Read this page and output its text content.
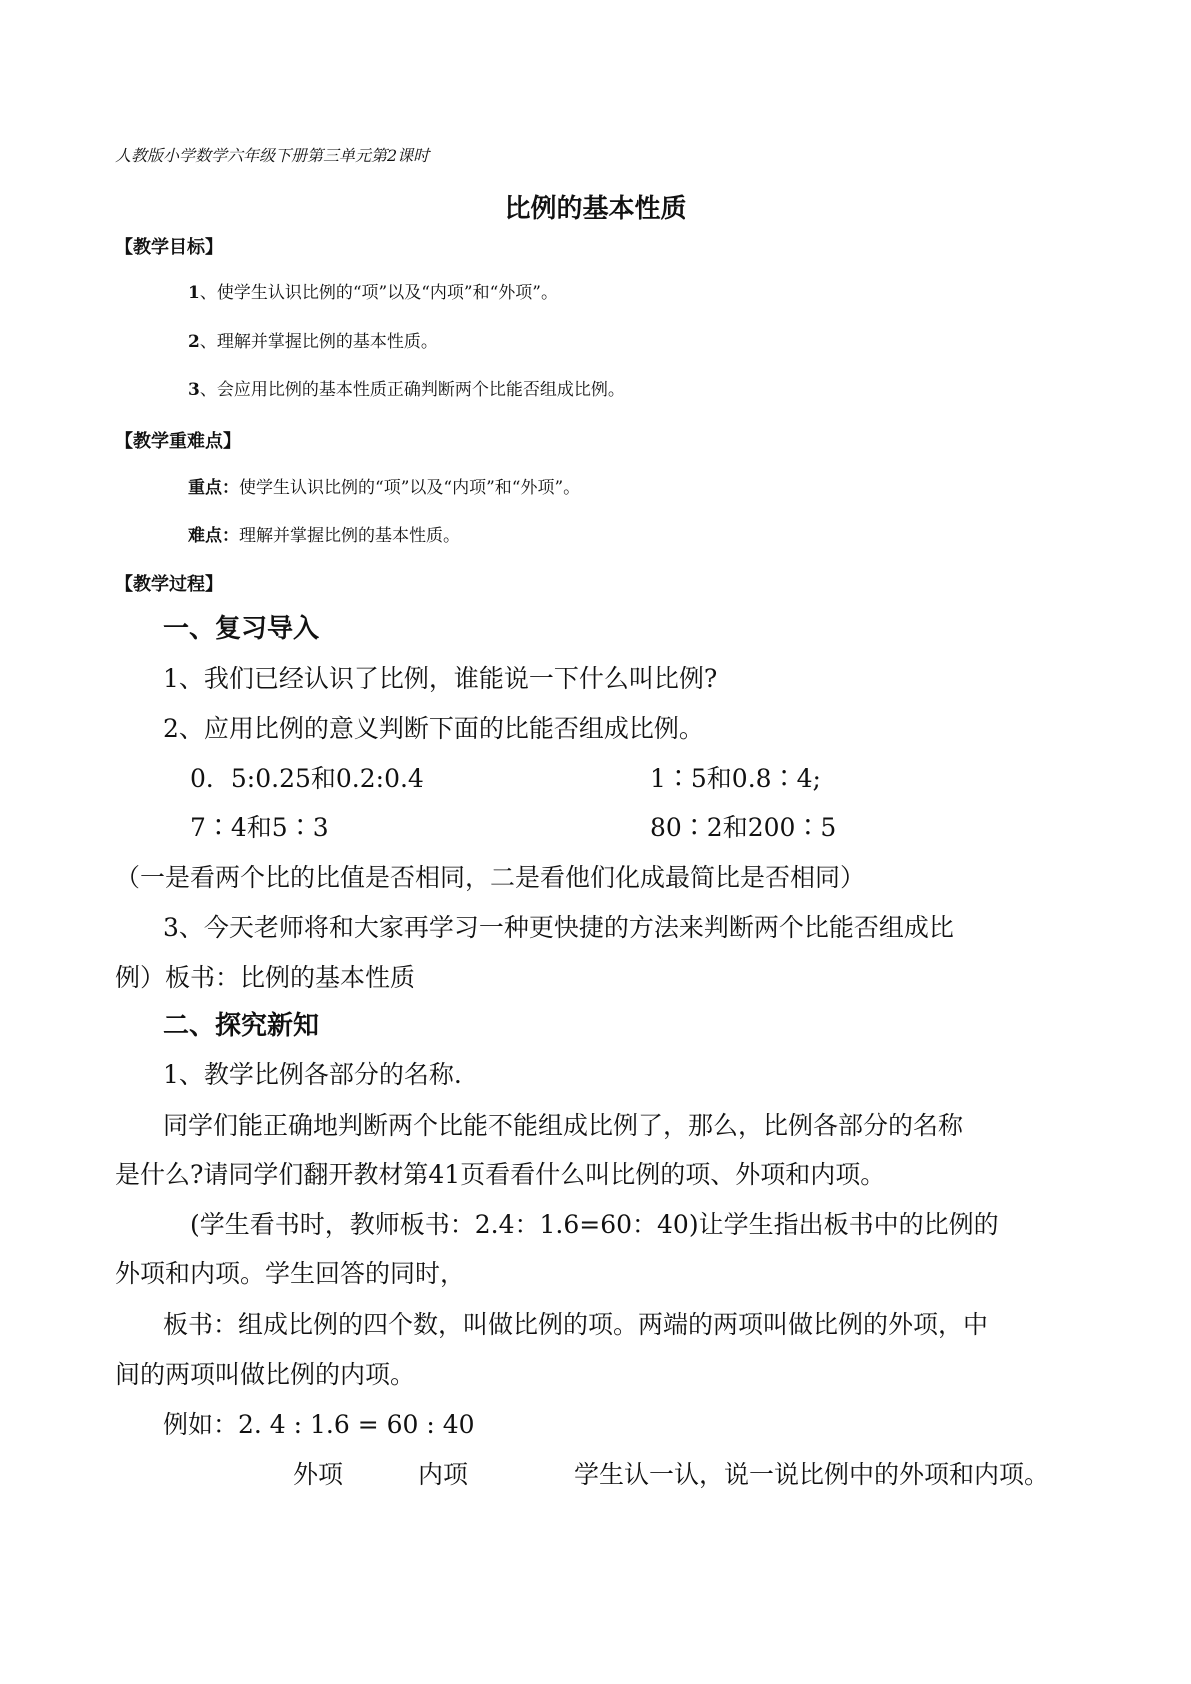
人教版小学数学六年级下册第三单元第2课时
比例的基本性质
【教学目标】
1、使学生认识比例的“项”以及“内项”和“外项”。
2、理解并掌握比例的基本性质。
3、会应用比例的基本性质正确判断两个比能否组成比例。
【教学重难点】
重点：使学生认识比例的“项”以及“内项”和“外项”。
难点：理解并掌握比例的基本性质。
【教学过程】
一、复习导入
1、我们已经认识了比例，谁能说一下什么叫比例?
2、应用比例的意义判断下面的比能否组成比例。
0．5:0.25和0.2:0.4	1∶5和0.8∶4;
7∶4和5∶3	80∶2和200∶5
（一是看两个比的比值是否相同，二是看他们化成最简比是否相同）
3、今天老师将和大家再学习一种更快捷的方法来判断两个比能否组成比
例）板书：比例的基本性质
二、探究新知
1、教学比例各部分的名称.
同学们能正确地判断两个比能不能组成比例了，那么，比例各部分的名称
是什么?请同学们翻开教材第41页看看什么叫比例的项、外项和内项。
(学生看书时，教师板书：2.4：1.6=60：40)让学生指出板书中的比例的
外项和内项。学生回答的同时，
板书：组成比例的四个数，叫做比例的项。两端的两项叫做比例的外项，中
间的两项叫做比例的内项。
例如：2. 4 : 1.6 = 60 : 40
外项	内项	学生认一认，说一说比例中的外项和内项。
